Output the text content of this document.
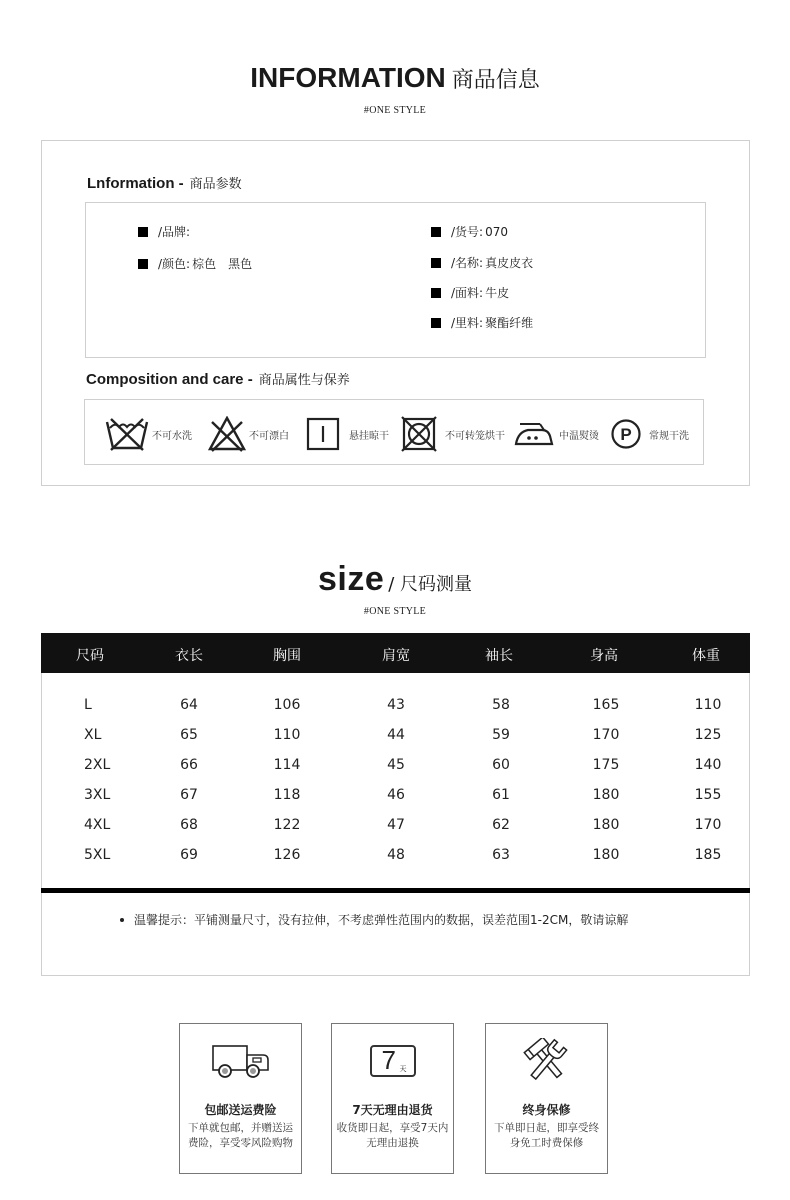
INFORMATION 商品信息
#ONE STYLE
Lnformation - 商品参数
/品牌:
/颜色: 棕色　黑色
/货号: 070
/名称: 真皮皮衣
/面料: 牛皮
/里料: 聚酯纤维
Composition and care - 商品属性与保养
不可水洗	不可漂白	悬挂晾干	不可转笼烘干	中温熨烫 P 常规干洗
size / 尺码测量
#ONE STYLE
尺码	衣长	胸围	肩宽	袖长	身高	体重
L	64	106	43	58	165	110
XL	65	110	44	59	170	125
2XL	66	114	45	60	175	140
3XL	67	118	46	61	180	155
4XL	68	122	47	62	180	170
5XL	69	126	48	63	180	185
温馨提示：平铺测量尺寸，没有拉伸，不考虑弹性范围内的数据，误差范围1-2CM，敬请谅解
包邮送运费险
下单就包邮，并赠送运费险，享受零风险购物
7 天
7天无理由退货
收货即日起，享受7天内无理由退换
终身保修
下单即日起，即享受终身免工时费保修
